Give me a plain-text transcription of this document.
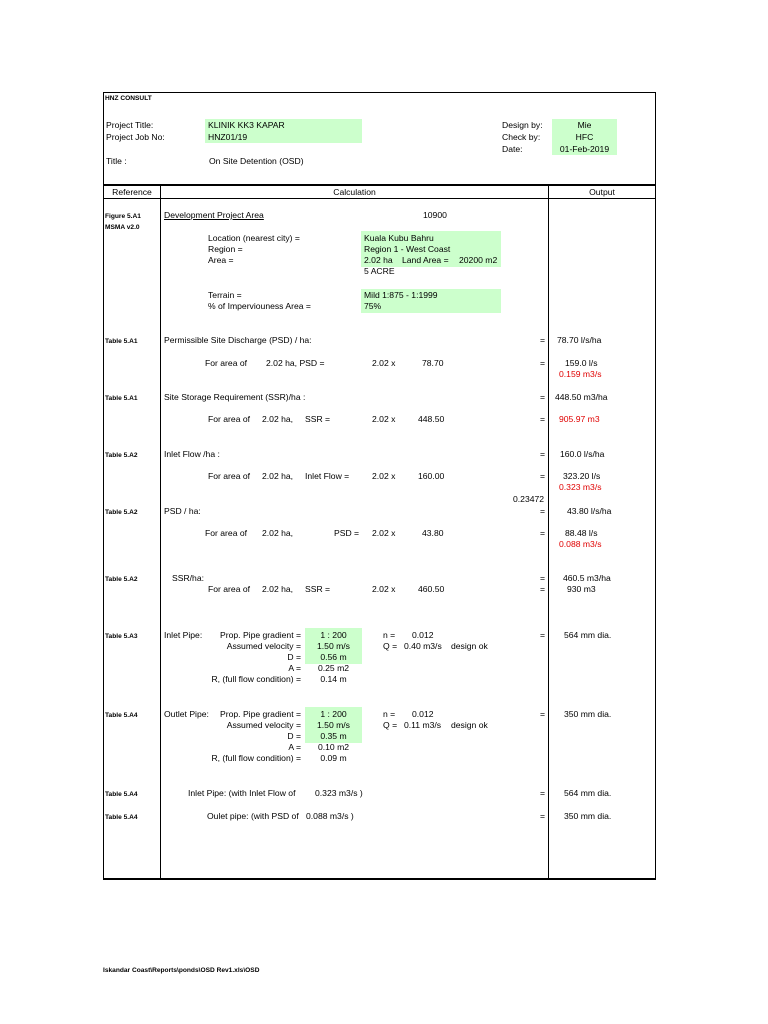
HNZ CONSULT
Project Title:	KLINIK KK3 KAPAR
Project Job No:	HNZ01/19
Title :	On Site Detention (OSD)
Design by:	Mie
Check by:	HFC
Date:	01-Feb-2019
Reference	Calculation	Output
Figure 5.A1
MSMA v2.0
Development Project Area	10900
Location (nearest city) =	Kuala Kubu Bahru
Region =	Region 1 - West Coast
Area =	2.02 ha Land Area = 20200 m2
5 ACRE
Terrain =	Mild 1:875 - 1:1999
% of Imperviouness Area =	75%
Table 5.A1	Permissible Site Discharge (PSD) / ha:	= 78.70 l/s/ha
For area of 2.02 ha, PSD =	2.02 x	78.70	= 159.0 l/s
0.159 m3/s
Table 5.A1	Site Storage Requirement (SSR)/ha :	= 448.50 m3/ha
For area of 2.02 ha, SSR =	2.02 x	448.50	= 905.97 m3
Table 5.A2	Inlet Flow /ha :	= 160.0 l/s/ha
For area of 2.02 ha, Inlet Flow =	2.02 x	160.00	= 323.20 l/s
0.323 m3/s
0.23472
Table 5.A2	PSD / ha:	=	43.80 l/s/ha
For area of 2.02 ha,	PSD = 2.02 x	43.80	= 88.48 l/s
0.088 m3/s
Table 5.A2	SSR/ha:	= 460.5 m3/ha
For area of 2.02 ha, SSR =	2.02 x	460.50	=	930 m3
Table 5.A3	Inlet Pipe:	Prop. Pipe gradient =	1 : 200
Assumed velocity =	1.50 m/s
D =	0.56 m
A =	0.25 m2
R, (full flow condition) =	0.14 m
n = 0.012
Q = 0.40 m3/s design ok
= 564 mm dia.
Table 5.A4	Outlet Pipe:	Prop. Pipe gradient =	1 : 200
Assumed velocity =	1.50 m/s
D =	0.35 m
A =	0.10 m2
R, (full flow condition) =	0.09 m
n = 0.012
Q = 0.11 m3/s design ok
= 350 mm dia.
Table 5.A4	Inlet Pipe: (with Inlet Flow of 0.323 m3/s )	= 564 mm dia.
Table 5.A4	Oulet pipe: (with PSD of 0.088 m3/s )	= 350 mm dia.
Iskandar Coast\Reports\ponds\OSD Rev1.xls\OSD
